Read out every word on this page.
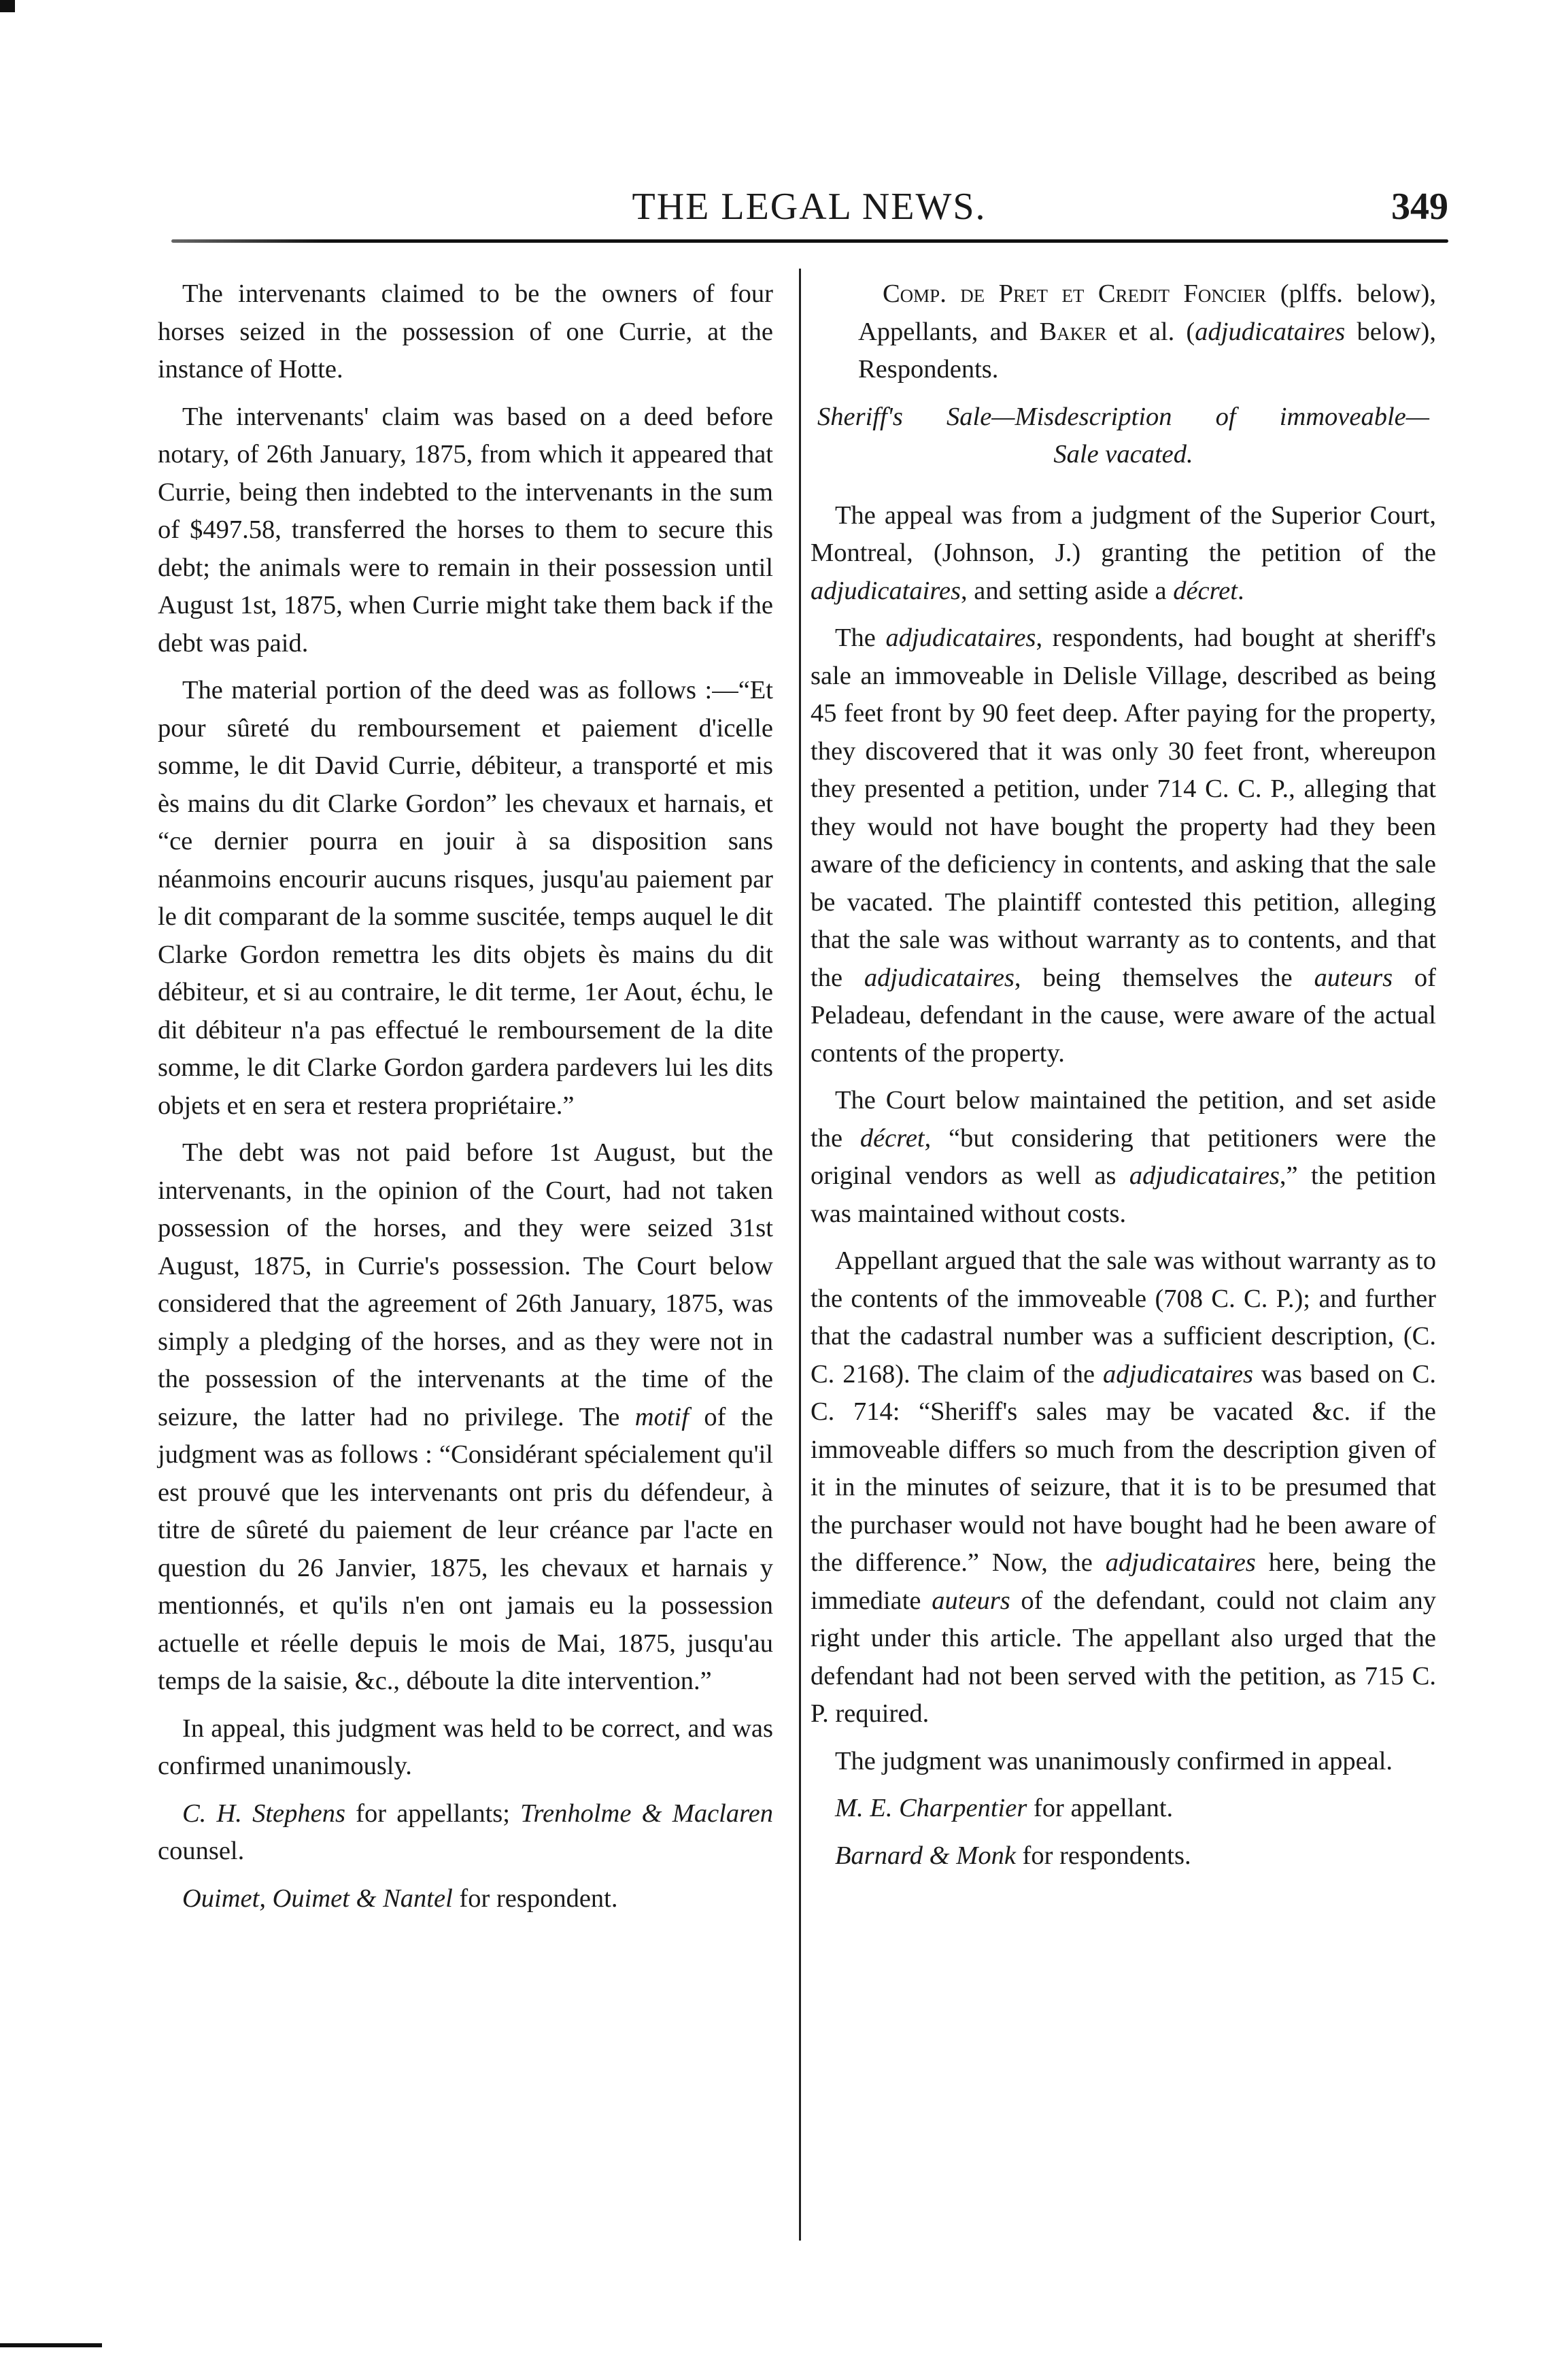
THE LEGAL NEWS.	349

The intervenants claimed to be the owners of four horses seized in the possession of one Currie, at the instance of Hotte.

The intervenants' claim was based on a deed before notary, of 26th January, 1875, from which it appeared that Currie, being then indebted to the intervenants in the sum of $497.58, transferred the horses to them to secure this debt; the animals were to remain in their possession until August 1st, 1875, when Currie might take them back if the debt was paid.

The material portion of the deed was as follows :—“Et pour sûreté du remboursement et paiement d'icelle somme, le dit David Currie, débiteur, a transporté et mis ès mains du dit Clarke Gordon” les chevaux et harnais, et “ce dernier pourra en jouir à sa disposition sans néanmoins encourir aucuns risques, jusqu'au paiement par le dit comparant de la somme suscitée, temps auquel le dit Clarke Gordon remettra les dits objets ès mains du dit débiteur, et si au contraire, le dit terme, 1er Aout, échu, le dit débiteur n'a pas effectué le remboursement de la dite somme, le dit Clarke Gordon gardera pardevers lui les dits objets et en sera et restera propriétaire.”

The debt was not paid before 1st August, but the intervenants, in the opinion of the Court, had not taken possession of the horses, and they were seized 31st August, 1875, in Currie's possession. The Court below considered that the agreement of 26th January, 1875, was simply a pledging of the horses, and as they were not in the possession of the intervenants at the time of the seizure, the latter had no privilege. The motif of the judgment was as follows : “Considérant spécialement qu'il est prouvé que les intervenants ont pris du défendeur, à titre de sûreté du paiement de leur créance par l'acte en question du 26 Janvier, 1875, les chevaux et harnais y mentionnés, et qu'ils n'en ont jamais eu la possession actuelle et réelle depuis le mois de Mai, 1875, jusqu'au temps de la saisie, &c., déboute la dite intervention.”

In appeal, this judgment was held to be correct, and was confirmed unanimously.

C. H. Stephens for appellants; Trenholme & Maclaren counsel.

Ouimet, Ouimet & Nantel for respondent.

Comp. de Pret et Credit Foncier (plffs. below), Appellants, and Baker et al. (adjudicataires below), Respondents.

Sheriff's Sale—Misdescription of immoveable—
Sale vacated.

The appeal was from a judgment of the Superior Court, Montreal, (Johnson, J.) granting the petition of the adjudicataires, and setting aside a décret.

The adjudicataires, respondents, had bought at sheriff's sale an immoveable in Delisle Village, described as being 45 feet front by 90 feet deep. After paying for the property, they discovered that it was only 30 feet front, whereupon they presented a petition, under 714 C. C. P., alleging that they would not have bought the property had they been aware of the deficiency in contents, and asking that the sale be vacated. The plaintiff contested this petition, alleging that the sale was without warranty as to contents, and that the adjudicataires, being themselves the auteurs of Peladeau, defendant in the cause, were aware of the actual contents of the property.

The Court below maintained the petition, and set aside the décret, “but considering that petitioners were the original vendors as well as adjudicataires,” the petition was maintained without costs.

Appellant argued that the sale was without warranty as to the contents of the immoveable (708 C. C. P.); and further that the cadastral number was a sufficient description, (C. C. 2168). The claim of the adjudicataires was based on C. C. 714: “Sheriff's sales may be vacated &c. if the immoveable differs so much from the description given of it in the minutes of seizure, that it is to be presumed that the purchaser would not have bought had he been aware of the difference.” Now, the adjudicataires here, being the immediate auteurs of the defendant, could not claim any right under this article. The appellant also urged that the defendant had not been served with the petition, as 715 C. P. required.

The judgment was unanimously confirmed in appeal.

M. E. Charpentier for appellant.

Barnard & Monk for respondents.
